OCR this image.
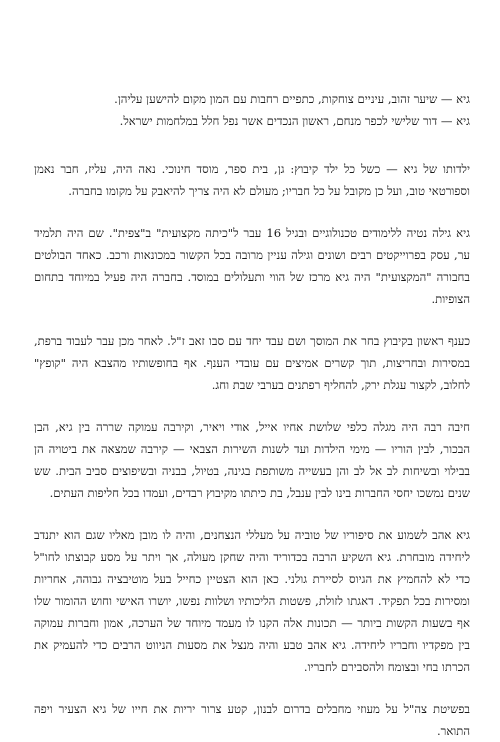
גיא — שיער זהוב, עיניים צוחקות, כתפיים רחבות עם המון מקום להישען עליהן.

גיא — דור שלישי לכפר מנחם, ראשון הנכדים אשר נפל חלל במלחמות ישראל.

ילדותו של גיא — כשל כל ילד קיבוץ: גן, בית ספר, מוסד חינוכי. נאה היה, עליז, חבר נאמן וספורטאי טוב, ועל כן מקובל על כל חבריו; מעולם לא היה צריך להיאבק על מקומו בחברה.

גיא גילה נטיה ללימודים טכנולוגיים ובגיל 16 עבר ל"כיתה מקצועית" ב"צפית". שם היה תלמיד ער, עסק בפרוייקטים רבים ושונים וגילה עניין מרובה בכל הקשור במכונאות ורכב. כאחד הבולטים בחבורה "המקצועית" היה גיא מרכז של הווי ותעלולים במוסד. בחברה היה פעיל במיוחד בתחום הצופיות.

כענף ראשון בקיבוץ בחר את המוסך ושם עבד יחד עם סבו זאב ז"ל. לאחר מכן עבר לעבוד ברפת, במסירות ובחריצות, תוך קשרים אמיצים עם עובדי הענף. אף בחופשותיו מהצבא היה "קופץ" לחלוב, לקצור עגלת ירק, להחליף רפתנים בערבי שבת וחג.

חיבה רבה היה מגלה כלפי שלושת אחיו אייל, אודי ויאיר, וקירבה עמוקה שררה בין גיא, הבן הבכור, לבין הוריו — מימי הילדות ועד לשנות השירות הצבאי — קירבה שמצאה את ביטויה הן בבילוי ובשיחות לב אל לב והן בעשייה משותפת בגינה, בטיול, בבניה ובשיפוצים סביב הבית. שש שנים נמשכו יחסי החברות בינו לבין ענבל, בת כיתתו מקיבוץ רבדים, ועמדו בכל חליפות העתים.

גיא אהב לשמוע את סיפוריו של טוביה על מעללי הנצחנים, והיה לו מובן מאליו שגם הוא יתנדב ליחידה מובחרת. גיא השקיע הרבה בכדוריד והיה שחקן מעולה, אך ויתר על מסע קבוצתו לחו"ל כדי לא להחמיץ את הגיוס לסיירת גולני. כאן הוא הצטיין כחייל בעל מוטיבציה גבוהה, אחריות ומסירות בכל תפקיד. דאגתו לזולת, פשטות הליכותיו ושלוות נפשו, יושרו האישי וחוש ההומור שלו אף בשעות הקשות ביותר — תכונות אלה הקנו לו מעמד מיוחד של הערכה, אמון וחברות עמוקה בין מפקדיו וחבריו ליחידה. גיא אהב טבע והיה מנצל את מסעות הניווט הרבים כדי להעמיק את הכרתו בחי ובצומח ולהסבירם לחבריו.

בפשיטת צה"ל על מעוזי מחבלים בדרום לבנון, קטע צרור יריות את חייו של גיא הצעיר ויפה התואר.
